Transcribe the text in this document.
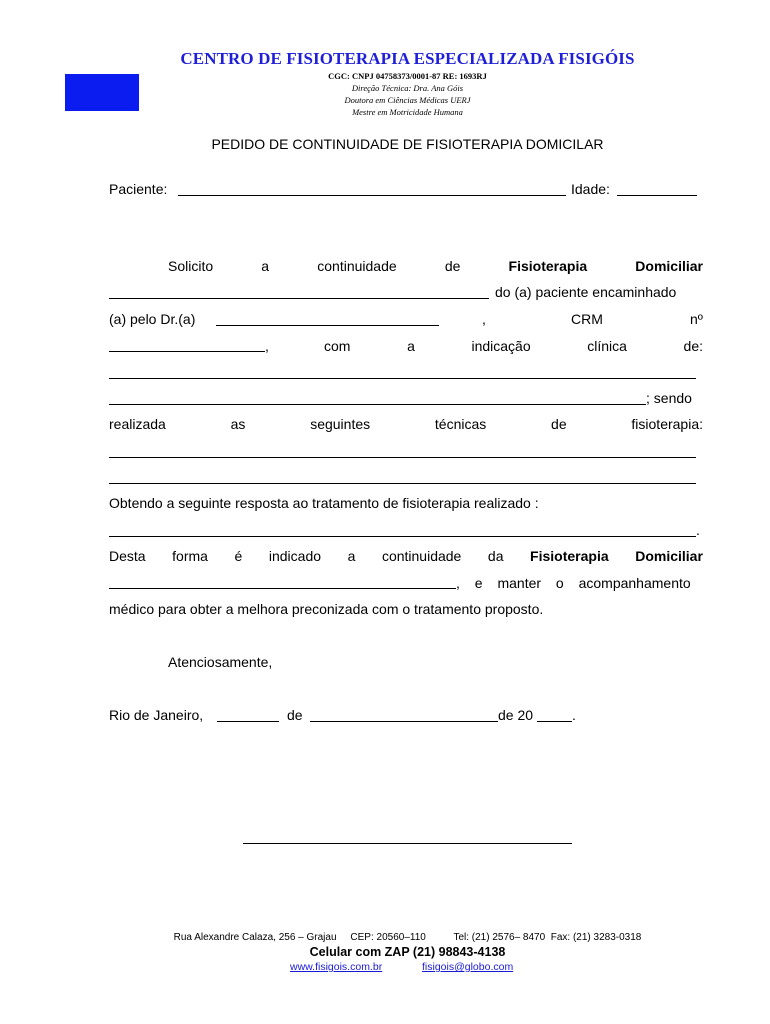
CENTRO DE FISIOTERAPIA ESPECIALIZADA FISIGÓIS
CGC: CNPJ 04758373/0001-87 RE: 1693RJ
Direção Técnica: Dra. Ana Góis
Doutora em Ciências Médicas UERJ
Mestre em Motricidade Humana
PEDIDO DE CONTINUIDADE DE FISIOTERAPIA DOMICILAR
Paciente:	Idade:
Solicito	a	continuidade	de	Fisioterapia	Domiciliar
do (a) paciente encaminhado
(a) pelo Dr.(a)	,	CRM	nº
,	com	a	indicação	clínica	de:
; sendo
realizada	as	seguintes	técnicas	de	fisioterapia:
Obtendo a seguinte resposta ao tratamento de fisioterapia realizado :
.
Desta forma é indicado a continuidade da Fisioterapia Domiciliar
, e manter o acompanhamento
médico para obter a melhora preconizada com o tratamento proposto.
Atenciosamente,
Rio de Janeiro,	de	de 20	.
Rua Alexandre Calaza, 256 – Grajau     CEP: 20560–110          Tel: (21) 2576– 8470  Fax: (21) 3283-0318
Celular com ZAP (21) 98843-4138
www.fisigois.com.br	fisigois@globo.com
